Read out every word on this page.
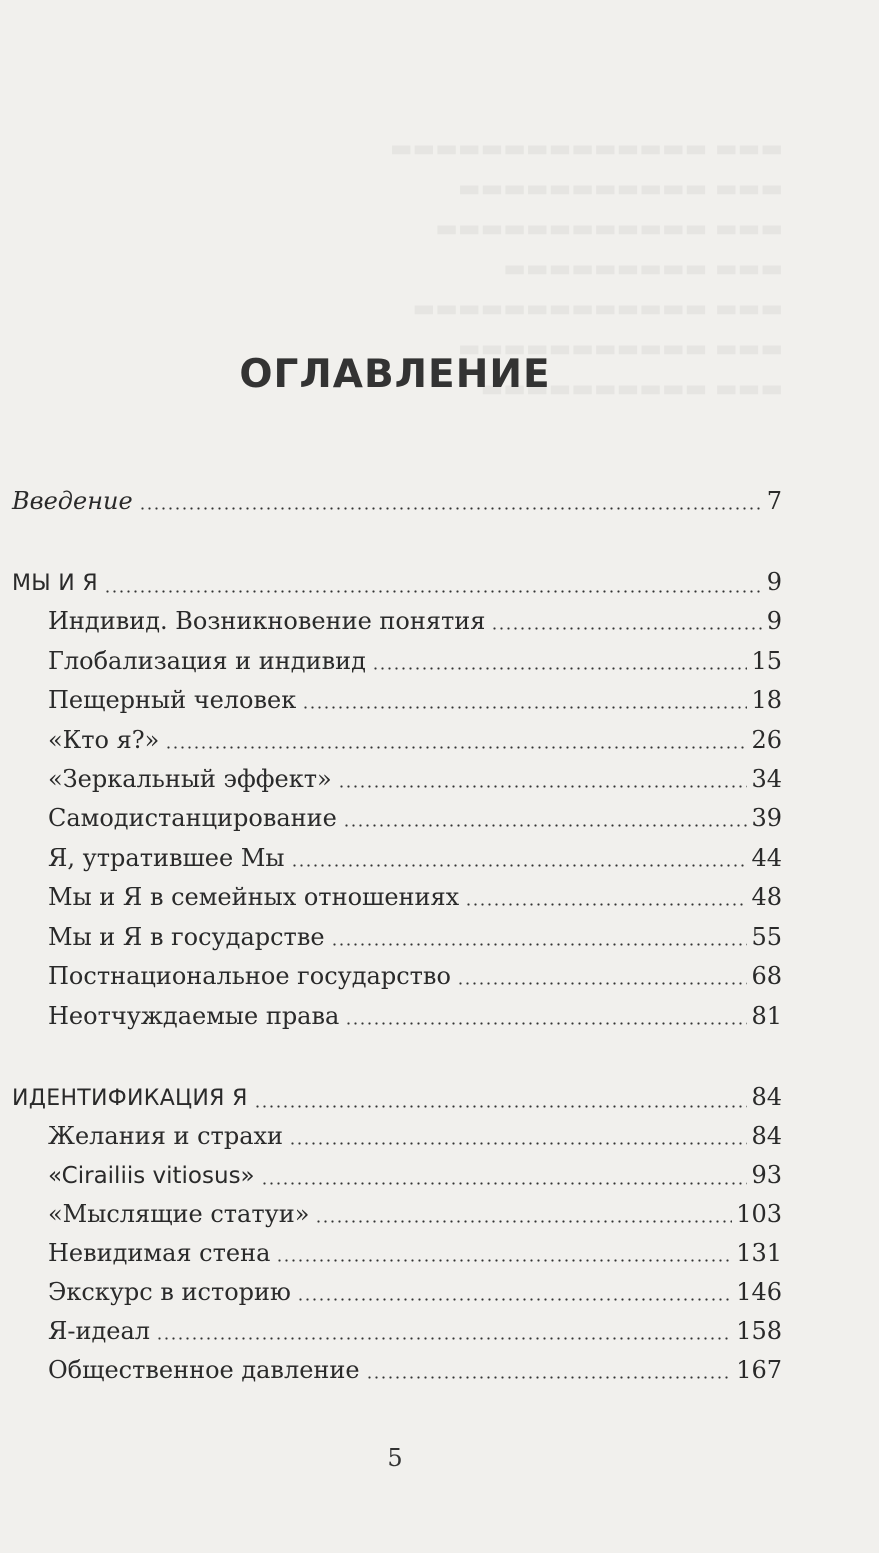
▬▬▬▬▬▬▬▬▬▬▬▬▬▬ ▬▬▬
▬▬▬▬▬▬▬▬▬▬▬ ▬▬▬
▬▬▬▬▬▬▬▬▬▬▬▬ ▬▬▬
▬▬▬▬▬▬▬▬▬ ▬▬▬
▬▬▬▬▬▬▬▬▬▬▬▬▬ ▬▬▬
▬▬▬▬▬▬▬▬▬▬▬ ▬▬▬
▬▬▬▬▬▬▬▬▬▬ ▬▬▬
ОГЛАВЛЕНИЕ
Введение	7
МЫ И Я	9
Индивид. Возникновение понятия	9
Глобализация и индивид	15
Пещерный человек	18
«Кто я?»	26
«Зеркальный эффект»	34
Самодистанцирование	39
Я, утратившее Мы	44
Мы и Я в семейных отношениях	48
Мы и Я в государстве	55
Постнациональное государство	68
Неотчуждаемые права	81
ИДЕНТИФИКАЦИЯ Я	84
Желания и страхи	84
«Cirailiis vitiosus»	93
«Мыслящие статуи»	103
Невидимая стена	131
Экскурс в историю	146
Я-идеал	158
Общественное давление	167
5
